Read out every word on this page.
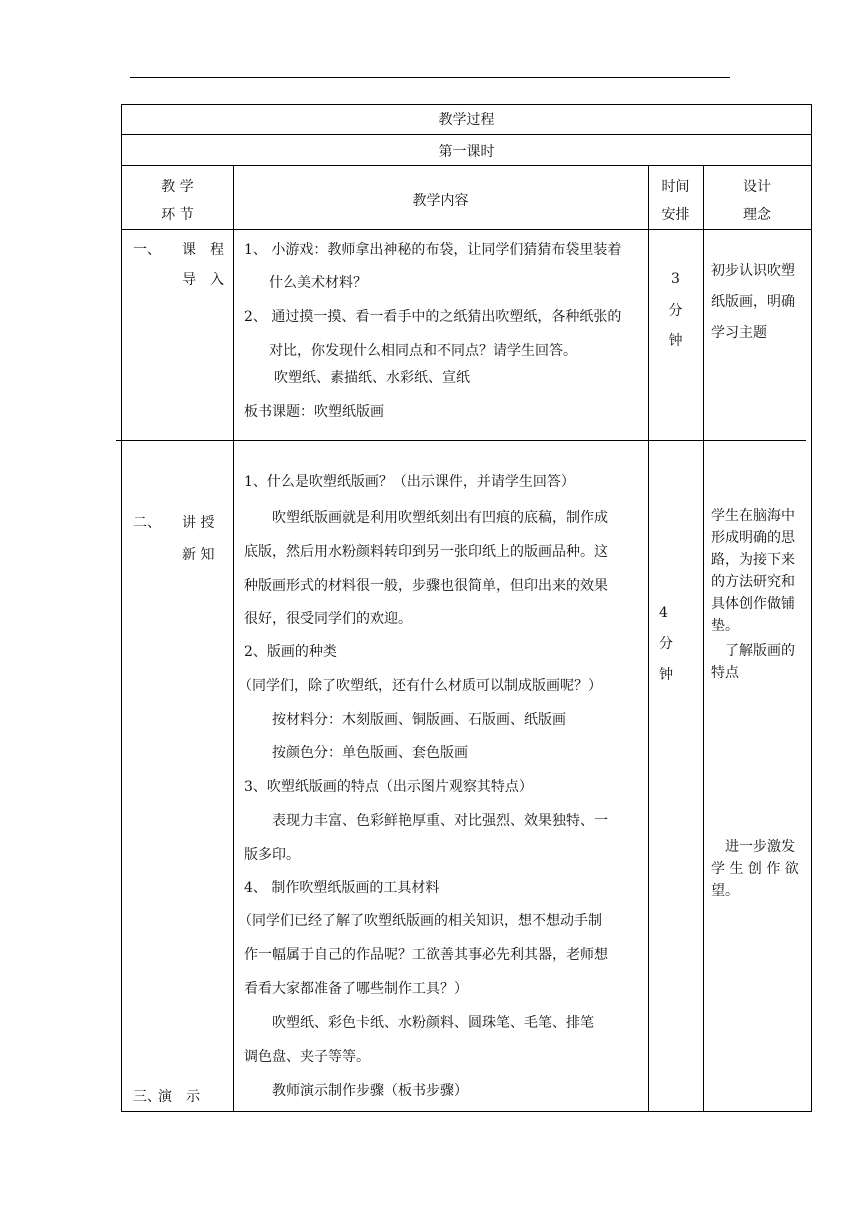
教学过程
第一课时
教 学
环 节
教学内容
时间
安排
设计
理念
一、 课　程
导　入
1、 小游戏：教师拿出神秘的布袋，让同学们猜猜布袋里装着
什么美术材料？
2、 通过摸一摸、看一看手中的之纸猜出吹塑纸，各种纸张的
对比，你发现什么相同点和不同点？请学生回答。
吹塑纸、素描纸、水彩纸、宣纸
板书课题：吹塑纸版画
3
分
钟
初步认识吹塑
纸版画，明确
学习主题
二、 讲 授
新 知
1、什么是吹塑纸版画？（出示课件，并请学生回答）
吹塑纸版画就是利用吹塑纸刻出有凹痕的底稿，制作成
底版，然后用水粉颜料转印到另一张印纸上的版画品种。这
种版画形式的材料很一般，步骤也很简单，但印出来的效果
很好，很受同学们的欢迎。
2、版画的种类
（同学们，除了吹塑纸，还有什么材质可以制成版画呢？）
按材料分：木刻版画、铜版画、石版画、纸版画
按颜色分：单色版画、套色版画
3、吹塑纸版画的特点（出示图片观察其特点）
表现力丰富、色彩鲜艳厚重、对比强烈、效果独特、一
版多印。
4、 制作吹塑纸版画的工具材料
（同学们已经了解了吹塑纸版画的相关知识，想不想动手制
作一幅属于自己的作品呢？工欲善其事必先利其器，老师想
看看大家都准备了哪些制作工具？）
吹塑纸、彩色卡纸、水粉颜料、圆珠笔、毛笔、排笔
调色盘、夹子等等。
教师演示制作步骤（板书步骤）
4
分
钟
学生在脑海中
形成明确的思
路，为接下来
的方法研究和
具体创作做铺
垫。
了解版画的
特点
进一步激发
学 生 创 作 欲
望。
三、
演　示
